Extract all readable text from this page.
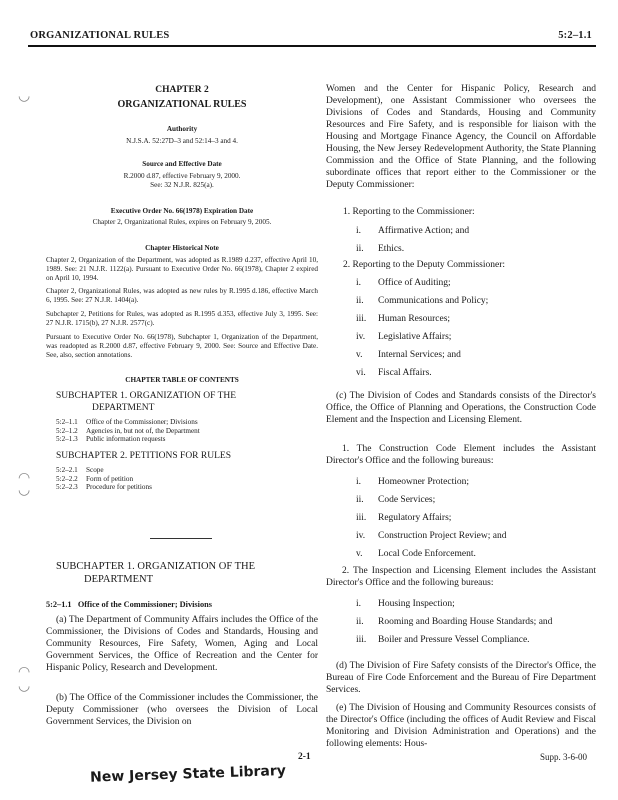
ORGANIZATIONAL RULES	5:2–1.1
◡
◠
◡
◠
◡
CHAPTER 2
ORGANIZATIONAL RULES
Authority
N.J.S.A. 52:27D–3 and 52:14–3 and 4.
Source and Effective Date
R.2000 d.87, effective February 9, 2000.
See: 32 N.J.R. 825(a).
Executive Order No. 66(1978) Expiration Date
Chapter 2, Organizational Rules, expires on February 9, 2005.
Chapter Historical Note
Chapter 2, Organization of the Department, was adopted as R.1989 d.237, effective April 10, 1989. See: 21 N.J.R. 1122(a). Pursuant to Executive Order No. 66(1978), Chapter 2 expired on April 10, 1994.
Chapter 2, Organizational Rules, was adopted as new rules by R.1995 d.186, effective March 6, 1995. See: 27 N.J.R. 1404(a).
Subchapter 2, Petitions for Rules, was adopted as R.1995 d.353, effective July 3, 1995. See: 27 N.J.R. 1715(b), 27 N.J.R. 2577(c).
Pursuant to Executive Order No. 66(1978), Subchapter 1, Organization of the Department, was readopted as R.2000 d.87, effective February 9, 2000. See: Source and Effective Date. See, also, section annotations.
CHAPTER TABLE OF CONTENTS
SUBCHAPTER 1. ORGANIZATION OF THE
DEPARTMENT
5:2–1.1	Office of the Commissioner; Divisions
5:2–1.2	Agencies in, but not of, the Department
5:2–1.3	Public information requests
SUBCHAPTER 2. PETITIONS FOR RULES
5:2–2.1	Scope
5:2–2.2	Form of petition
5:2–2.3	Procedure for petitions
SUBCHAPTER 1. ORGANIZATION OF THE
DEPARTMENT
5:2–1.1 Office of the Commissioner; Divisions
(a) The Department of Community Affairs includes the Office of the Commissioner, the Divisions of Codes and Standards, Housing and Community Resources, Fire Safety, Women, Aging and Local Government Services, the Office of Recreation and the Center for Hispanic Policy, Research and Development.
(b) The Office of the Commissioner includes the Commissioner, the Deputy Commissioner (who oversees the Division of Local Government Services, the Division on
Women and the Center for Hispanic Policy, Research and Development), one Assistant Commissioner who oversees the Divisions of Codes and Standards, Housing and Community Resources and Fire Safety, and is responsible for liaison with the Housing and Mortgage Finance Agency, the Council on Affordable Housing, the New Jersey Redevelopment Authority, the State Planning Commission and the Office of State Planning, and the following subordinate offices that report either to the Commissioner or the Deputy Commissioner:
1. Reporting to the Commissioner:
i. Affirmative Action; and
ii. Ethics.
2. Reporting to the Deputy Commissioner:
i. Office of Auditing;
ii. Communications and Policy;
iii. Human Resources;
iv. Legislative Affairs;
v. Internal Services; and
vi. Fiscal Affairs.
(c) The Division of Codes and Standards consists of the Director's Office, the Office of Planning and Operations, the Construction Code Element and the Inspection and Licensing Element.
1. The Construction Code Element includes the Assistant Director's Office and the following bureaus:
i. Homeowner Protection;
ii. Code Services;
iii. Regulatory Affairs;
iv. Construction Project Review; and
v. Local Code Enforcement.
2. The Inspection and Licensing Element includes the Assistant Director's Office and the following bureaus:
i. Housing Inspection;
ii. Rooming and Boarding House Standards; and
iii. Boiler and Pressure Vessel Compliance.
(d) The Division of Fire Safety consists of the Director's Office, the Bureau of Fire Code Enforcement and the Bureau of Fire Department Services.
(e) The Division of Housing and Community Resources consists of the Director's Office (including the offices of Audit Review and Fiscal Monitoring and Division Administration and Operations) and the following elements: Hous-
2-1	Supp. 3-6-00
New Jersey State Library
